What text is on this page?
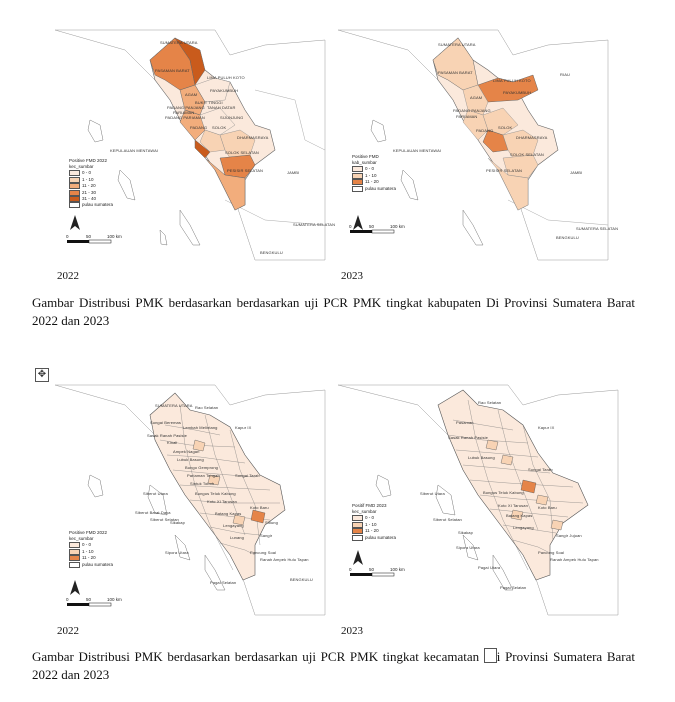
SUMATERA UTARA
PASAMAN BARAT
LIMA PULUH KOTO
PAYAKUMBUH
AGAM
PADANG PANJANG
PARIAMAN
PADANG PARIAMAN
BUKIT TINGGI
TANAH DATAR
SIJUNJUNG
SOLOK
DHARMASRAYA
SOLOK SELATAN
PESISIR SELATAN
KEPULAUAN MENTAWAI
JAMBI
BENGKULU
SUMATERA SELATAN
PADANG
Positive FMD 2022
kec_sumbar
0 - 0
1 - 10
11 - 20
21 - 30
31 - 40
pulau sumatera
0	50	100 km
SUMATERA UTARA
PASAMAN BARAT
LIMA PULUH KOTO
RIAU
PAYAKUMBUH
AGAM
PADANG PANJANG
PARIAMAN
SOLOK
DHARMASRAYA
SOLOK SELATAN
KEPULAUAN MENTAWAI
PESISIR SELATAN	JAMBI
BENGKULU
SUMATERA SELATAN
PADANG
Positive FMD
kab_sumbar
0 - 0
1 - 10
11 - 20
pulau sumatera
0	50	100 km
2022	2023
Gambar Distribusi PMK berdasarkan berdasarkan uji PCR PMK tingkat kabupaten Di Provinsi Sumatera Barat 2022 dan 2023
✥
SUMATERA UTARA Rao Selatan
Sungai Beremas
Sasak Ranah Pasisie
Lembah Melintang
Kinali
Ampek Nagari
Lubuk Basung
Bungo Gemprong
Pariaman Tengah
Sintuk Toboh
Bungus Teluk Kabung
Koto XI Tarusan
Batang Kapas
Lengayang
Lunang
Siberut Utara
Siberut Barat Daya
Sikakap
Pagai Selatan
Pancung Soal
Ranah Ampek Hulu Tapan
BENGKULU
Sipora Utara
Sitiung
Koto Baru
Sangir
Sungai Tarab
Kapur IX
Siberut Selatan
Positive FMD 2022
kec_sumbar
0 - 0
1 - 10
11 - 20
pulau sumatera
0	50	100 km
Rao Selatan
Pasaman
Sasak Ranah Pasisie
Lubuk Basung
Bungus Teluk Kabung
Koto XI Tarusan
Batang Kapas
Lengayang
Pancung Soal
Ranah Ampek Hulu Tapan
Siberut Utara
Siberut Selatan
Sikakap
Sipora Utara
Pagai Utara
Pagai Selatan
Koto Baru
Kapur IX
Sungai Tarab
Sangir Jujuan
Positif FMD 2023
kec_sumbar
0 - 0
1 - 10
11 - 20
pulau sumatera
0	50	100 km
2022	2023
Gambar Distribusi PMK berdasarkan berdasarkan uji PCR PMK tingkat kecamatan i Provinsi Sumatera Barat 2022 dan 2023
